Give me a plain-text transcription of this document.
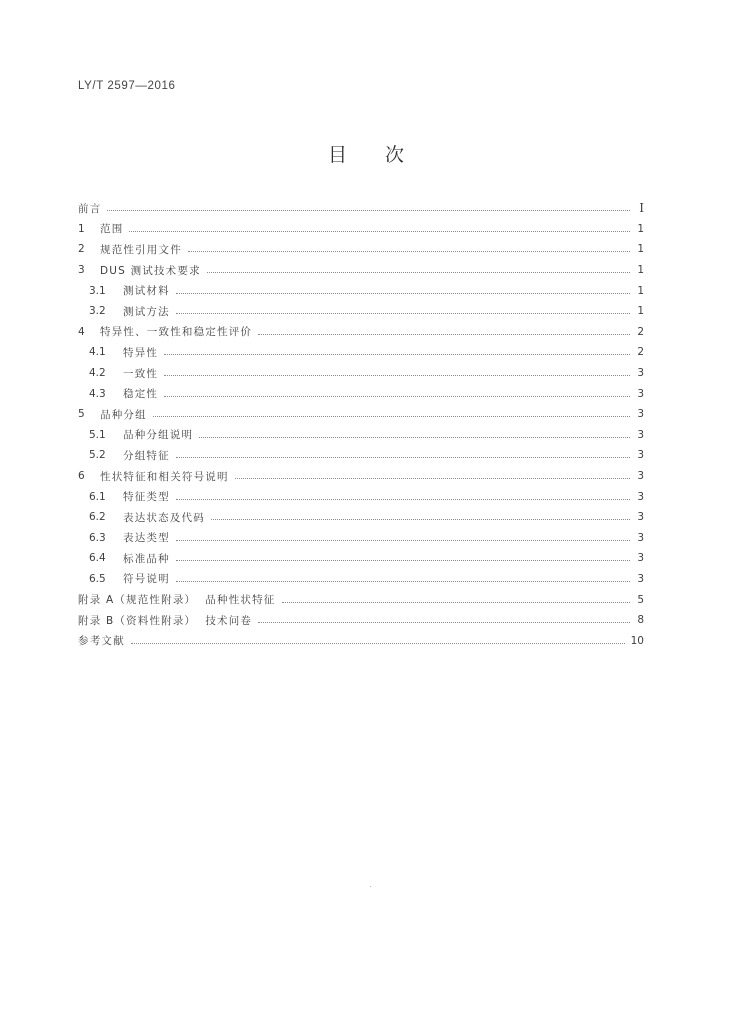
LY/T 2597—2016
目次
前言	I
1	范围	1
2	规范性引用文件	1
3	DUS 测试技术要求	1
3.1	测试材料	1
3.2	测试方法	1
4	特异性、一致性和稳定性评价	2
4.1	特异性	2
4.2	一致性	3
4.3	稳定性	3
5	品种分组	3
5.1	品种分组说明	3
5.2	分组特征	3
6	性状特征和相关符号说明	3
6.1	特征类型	3
6.2	表达状态及代码	3
6.3	表达类型	3
6.4	标准品种	3
6.5	符号说明	3
附录 A（规范性附录）  品种性状特征	5
附录 B（资料性附录）  技术问卷	8
参考文献	10
